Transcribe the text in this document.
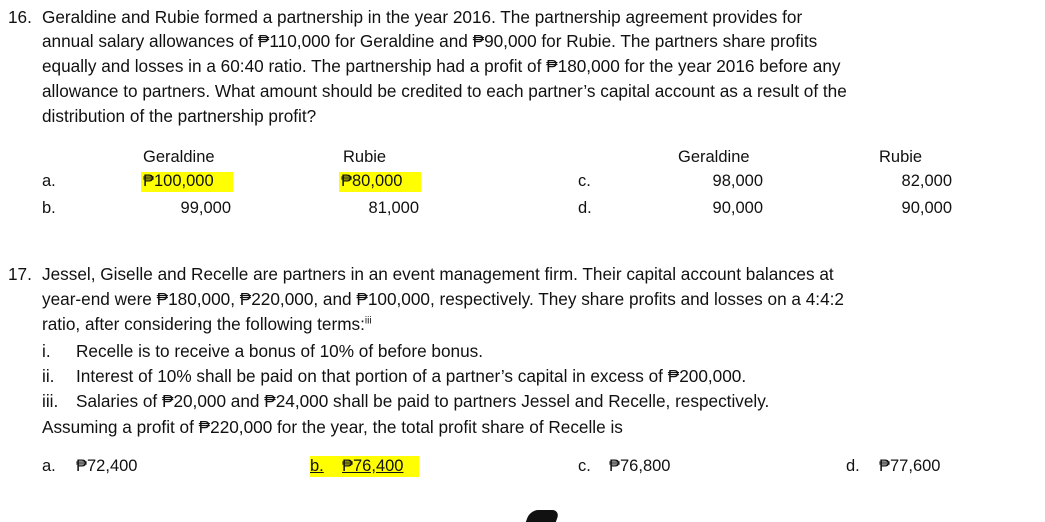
16. Geraldine and Rubie formed a partnership in the year 2016. The partnership agreement provides for
annual salary allowances of ₱110,000 for Geraldine and ₱90,000 for Rubie. The partners share profits
equally and losses in a 60:40 ratio. The partnership had a profit of ₱180,000 for the year 2016 before any
allowance to partners. What amount should be credited to each partner’s capital account as a result of the
distribution of the partnership profit?
Geraldine	Rubie	Geraldine	Rubie
a.	₱100,000	₱80,000
b.	99,000	81,000
c.	98,000	82,000
d.	90,000	90,000
17. Jessel, Giselle and Recelle are partners in an event management firm. Their capital account balances at
year-end were ₱180,000, ₱220,000, and ₱100,000, respectively. They share profits and losses on a 4:4:2
ratio, after considering the following terms:$^{iii}$
i. Recelle is to receive a bonus of 10% of before bonus.
ii. Interest of 10% shall be paid on that portion of a partner’s capital in excess of ₱200,000.
iii. Salaries of ₱20,000 and ₱24,000 shall be paid to partners Jessel and Recelle, respectively.
Assuming a profit of ₱220,000 for the year, the total profit share of Recelle is
a. ₱72,400	b. ₱76,400	c. ₱76,800	d. ₱77,600
